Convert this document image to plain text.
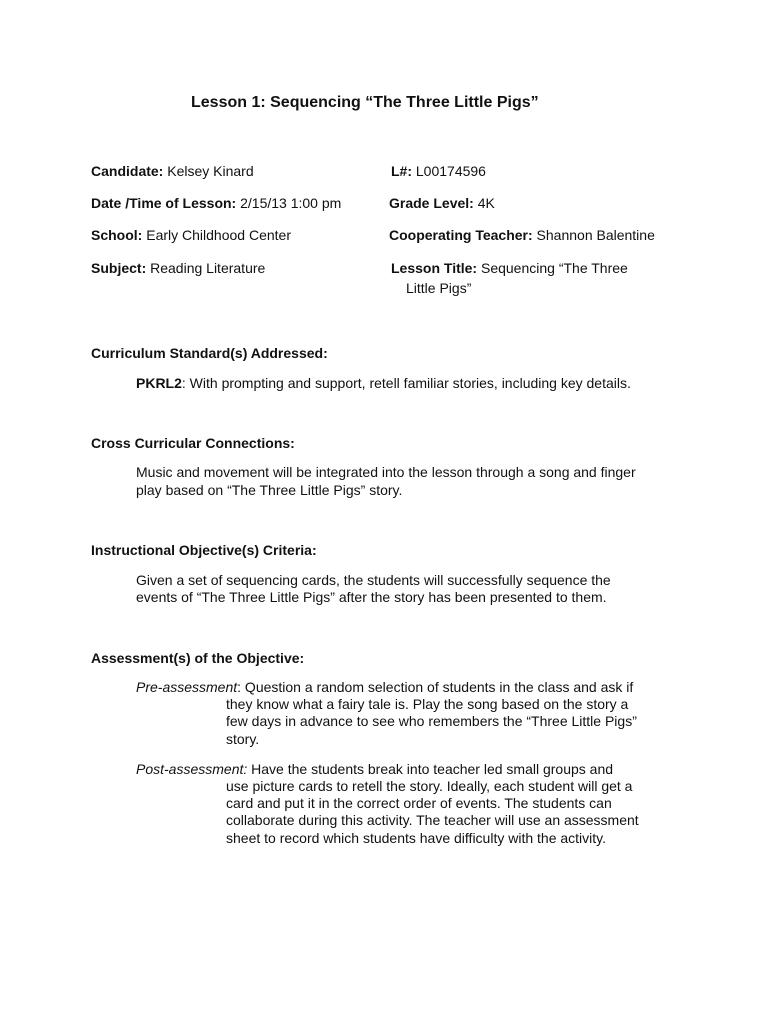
Lesson 1: Sequencing “The Three Little Pigs”
Candidate: Kelsey Kinard	L#: L00174596
Date /Time of Lesson: 2/15/13 1:00 pm	Grade Level: 4K
School: Early Childhood Center	Cooperating Teacher: Shannon Balentine
Subject: Reading Literature	Lesson Title: Sequencing “The Three
Little Pigs”
Curriculum Standard(s) Addressed:
PKRL2: With prompting and support, retell familiar stories, including key details.
Cross Curricular Connections:
Music and movement will be integrated into the lesson through a song and finger
play based on “The Three Little Pigs” story.
Instructional Objective(s) Criteria:
Given a set of sequencing cards, the students will successfully sequence the
events of “The Three Little Pigs” after the story has been presented to them.
Assessment(s) of the Objective:
Pre-assessment: Question a random selection of students in the class and ask if
they know what a fairy tale is. Play the song based on the story a
few days in advance to see who remembers the “Three Little Pigs”
story.
Post-assessment: Have the students break into teacher led small groups and
use picture cards to retell the story. Ideally, each student will get a
card and put it in the correct order of events. The students can
collaborate during this activity. The teacher will use an assessment
sheet to record which students have difficulty with the activity.
